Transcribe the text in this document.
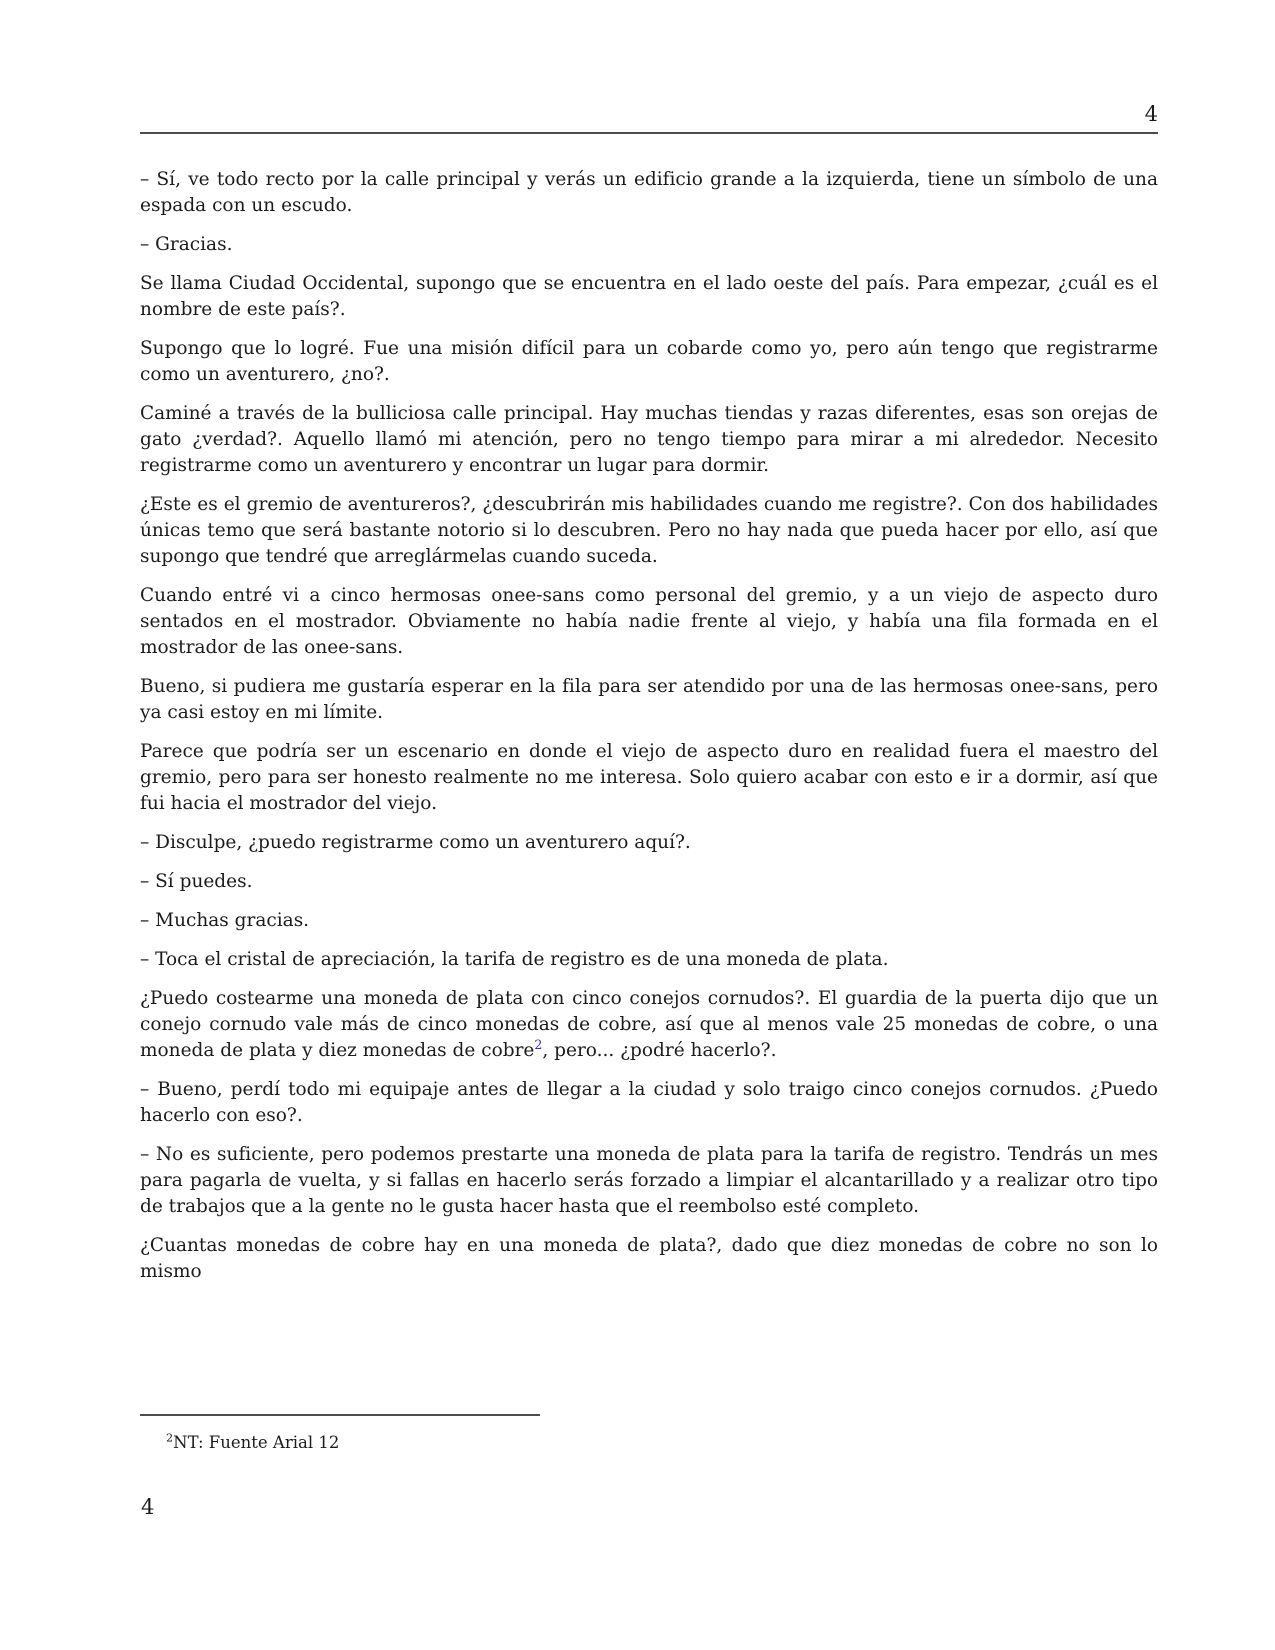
4

– Sí, ve todo recto por la calle principal y verás un edificio grande a la izquierda, tiene un símbolo de una espada con un escudo.

– Gracias.

Se llama Ciudad Occidental, supongo que se encuentra en el lado oeste del país. Para empezar, ¿cuál es el nombre de este país?.

Supongo que lo logré. Fue una misión difícil para un cobarde como yo, pero aún tengo que registrarme como un aventurero, ¿no?.

Caminé a través de la bulliciosa calle principal. Hay muchas tiendas y razas diferentes, esas son orejas de gato ¿verdad?. Aquello llamó mi atención, pero no tengo tiempo para mirar a mi alrededor. Necesito registrarme como un aventurero y encontrar un lugar para dormir.

¿Este es el gremio de aventureros?, ¿descubrirán mis habilidades cuando me registre?. Con dos habilidades únicas temo que será bastante notorio si lo descubren. Pero no hay nada que pueda hacer por ello, así que supongo que tendré que arreglármelas cuando suceda.

Cuando entré vi a cinco hermosas onee-sans como personal del gremio, y a un viejo de aspecto duro sentados en el mostrador. Obviamente no había nadie frente al viejo, y había una fila formada en el mostrador de las onee-sans.

Bueno, si pudiera me gustaría esperar en la fila para ser atendido por una de las hermosas onee-sans, pero ya casi estoy en mi límite.

Parece que podría ser un escenario en donde el viejo de aspecto duro en realidad fuera el maestro del gremio, pero para ser honesto realmente no me interesa. Solo quiero acabar con esto e ir a dormir, así que fui hacia el mostrador del viejo.

– Disculpe, ¿puedo registrarme como un aventurero aquí?.

– Sí puedes.

– Muchas gracias.

– Toca el cristal de apreciación, la tarifa de registro es de una moneda de plata.

¿Puedo costearme una moneda de plata con cinco conejos cornudos?. El guardia de la puerta dijo que un conejo cornudo vale más de cinco monedas de cobre, así que al menos vale 25 monedas de cobre, o una moneda de plata y diez monedas de cobre$^2$, pero... ¿podré hacerlo?.

– Bueno, perdí todo mi equipaje antes de llegar a la ciudad y solo traigo cinco conejos cornudos. ¿Puedo hacerlo con eso?.

– No es suficiente, pero podemos prestarte una moneda de plata para la tarifa de registro. Tendrás un mes para pagarla de vuelta, y si fallas en hacerlo serás forzado a limpiar el alcantarillado y a realizar otro tipo de trabajos que a la gente no le gusta hacer hasta que el reembolso esté completo.

¿Cuantas monedas de cobre hay en una moneda de plata?, dado que diez monedas de cobre no son lo mismo

$^2$NT: Fuente Arial 12
4
